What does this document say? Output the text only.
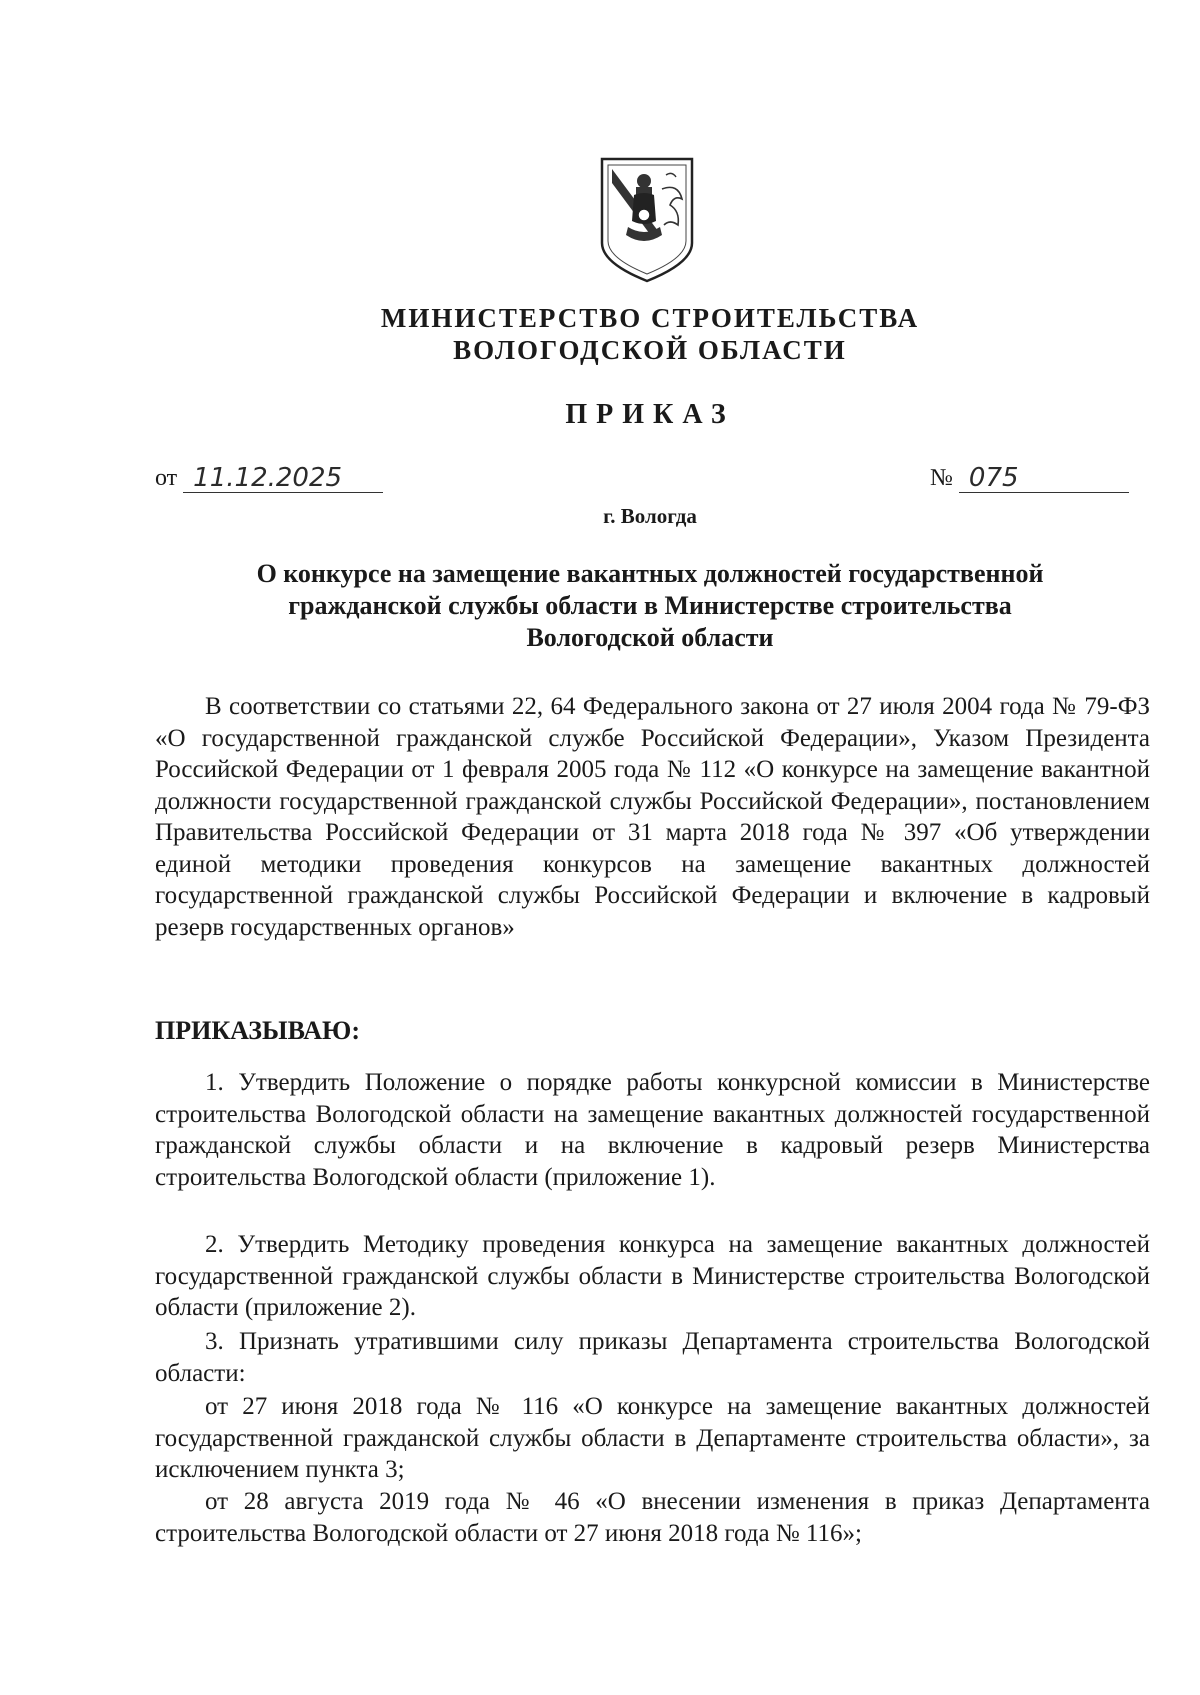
МИНИСТЕРСТВО СТРОИТЕЛЬСТВА
ВОЛОГОДСКОЙ ОБЛАСТИ
ПРИКАЗ
от 11.12.2025	№ 075
г. Вологда
О конкурсе на замещение вакантных должностей государственной
гражданской службы области в Министерстве строительства
Вологодской области

В соответствии со статьями 22, 64 Федерального закона от 27 июля 2004 года № 79-ФЗ «О государственной гражданской службе Российской Федерации», Указом Президента Российской Федерации от 1 февраля 2005 года № 112 «О конкурсе на замещение вакантной должности государственной гражданской службы Российской Федерации», постановлением Правительства Российской Федерации от 31 марта 2018 года № 397 «Об утверждении единой методики проведения конкурсов на замещение вакантных должностей государственной гражданской службы Российской Федерации и включение в кадровый резерв государственных органов»

ПРИКАЗЫВАЮ:

1. Утвердить Положение о порядке работы конкурсной комиссии в Министерстве строительства Вологодской области на замещение вакантных должностей государственной гражданской службы области и на включение в кадровый резерв Министерства строительства Вологодской области (приложение 1).

2. Утвердить Методику проведения конкурса на замещение вакантных должностей государственной гражданской службы области в Министерстве строительства Вологодской области (приложение 2).

3. Признать утратившими силу приказы Департамента строительства Вологодской области:

от 27 июня 2018 года № 116 «О конкурсе на замещение вакантных должностей государственной гражданской службы области в Департаменте строительства области», за исключением пункта 3;

от 28 августа 2019 года № 46 «О внесении изменения в приказ Департамента строительства Вологодской области от 27 июня 2018 года № 116»;
